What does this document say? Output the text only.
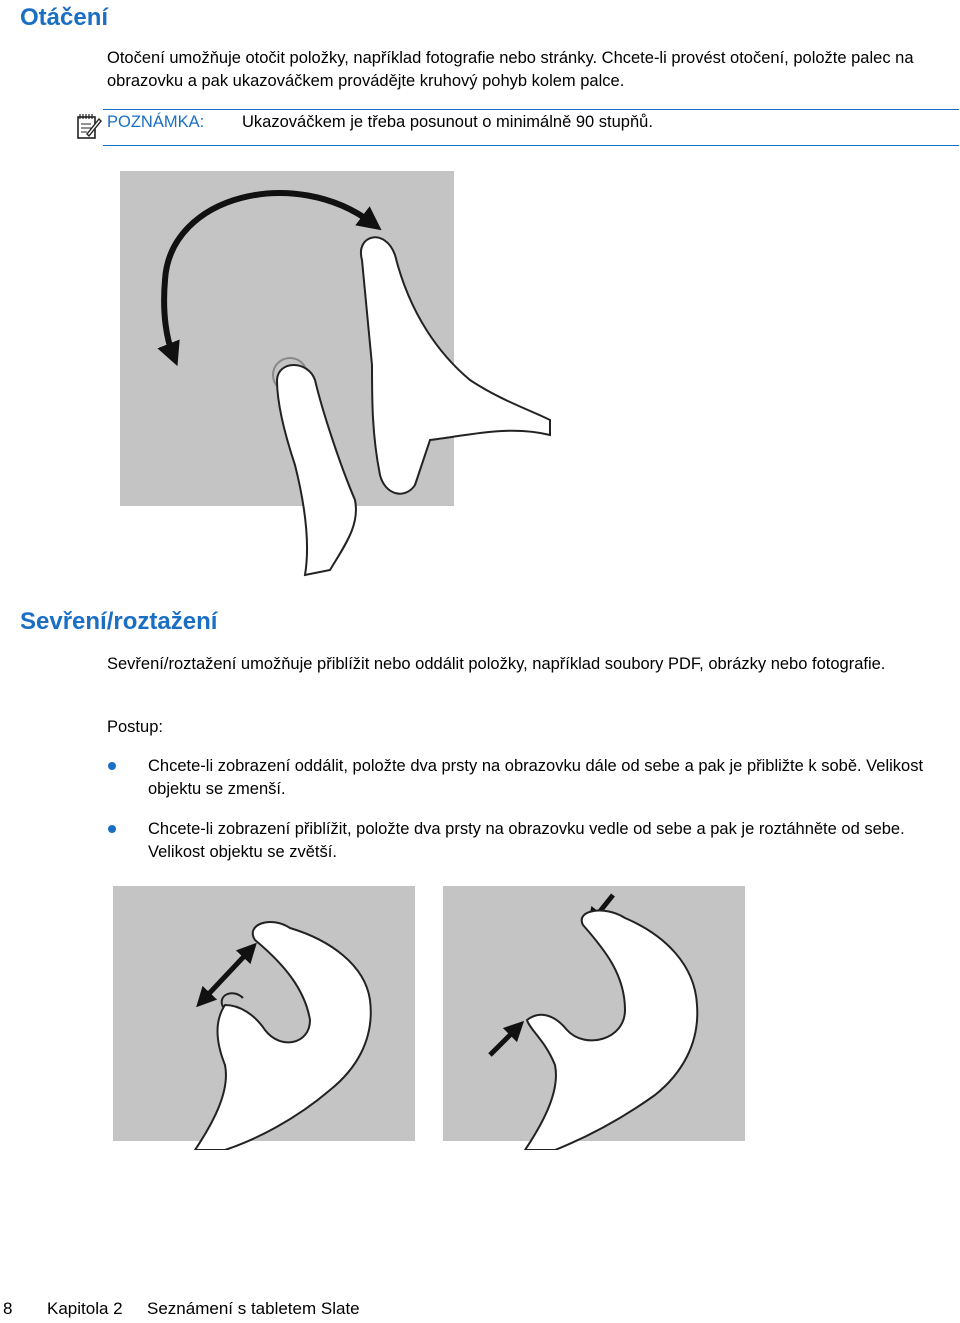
Otáčení

Otočení umožňuje otočit položky, například fotografie nebo stránky. Chcete-li provést otočení, položte palec na obrazovku a pak ukazováčkem provádějte kruhový pohyb kolem palce.

POZNÁMKA: Ukazováčkem je třeba posunout o minimálně 90 stupňů.
Sevření/roztažení

Sevření/roztažení umožňuje přiblížit nebo oddálit položky, například soubory PDF, obrázky nebo fotografie.

Postup:

Chcete-li zobrazení oddálit, položte dva prsty na obrazovku dále od sebe a pak je přibližte k sobě. Velikost objektu se zmenší.

Chcete-li zobrazení přiblížit, položte dva prsty na obrazovku vedle od sebe a pak je roztáhněte od sebe. Velikost objektu se zvětší.

8 Kapitola 2 Seznámení s tabletem Slate
